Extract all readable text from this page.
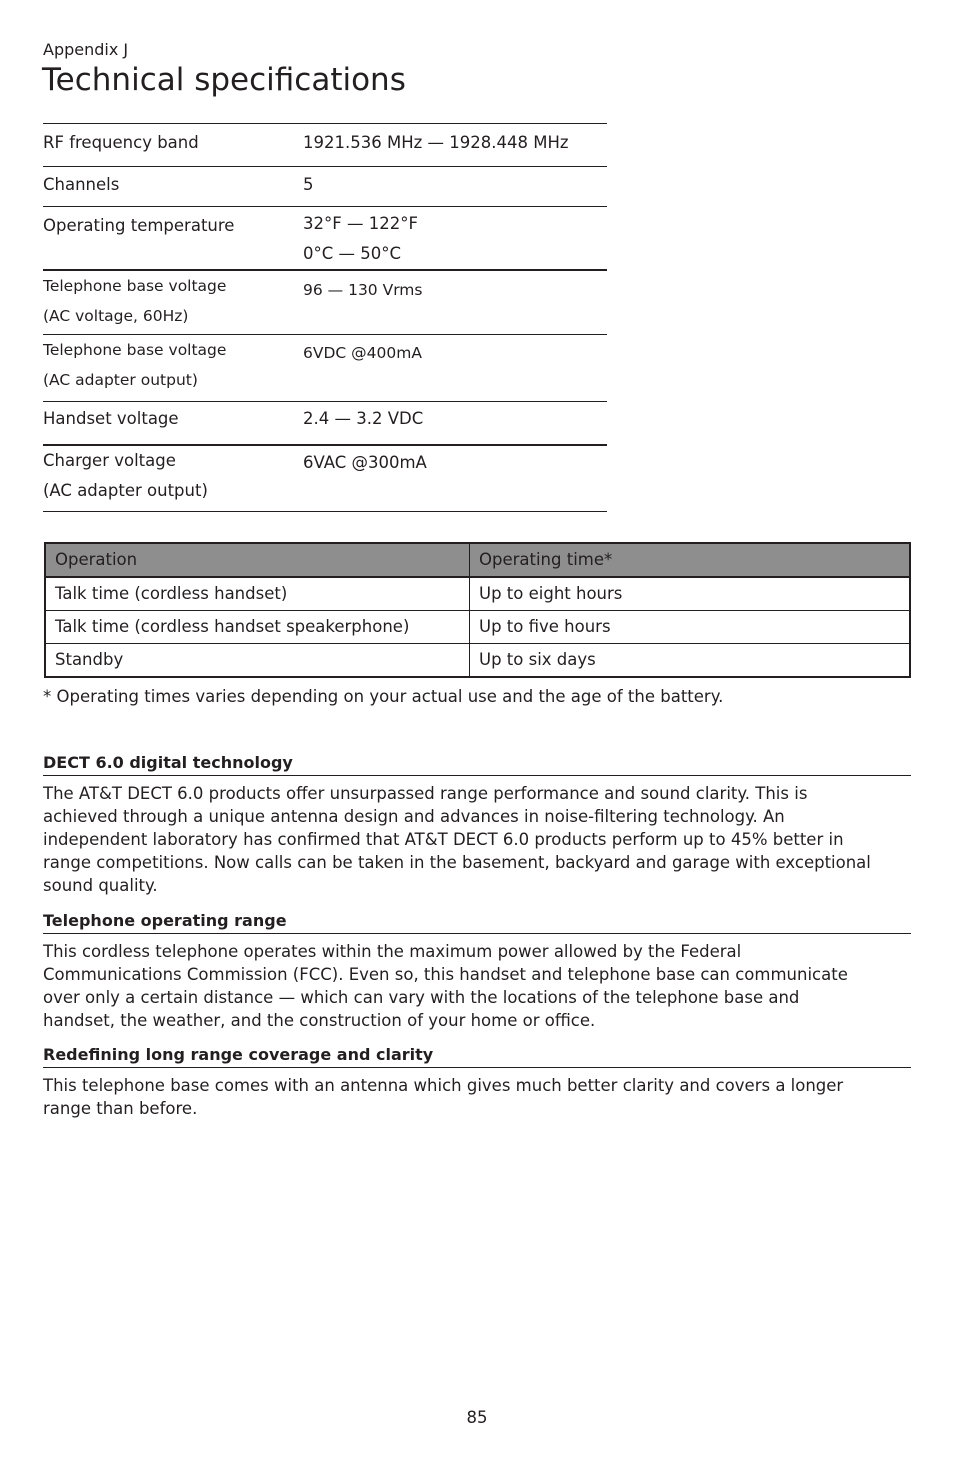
Appendix J
Technical specifications
RF frequency band	1921.536 MHz — 1928.448 MHz

Channels	5

Operating temperature	32°F — 122°F
0°C — 50°C

Telephone base voltage
(AC voltage, 60Hz)	96 — 130 Vrms

Telephone base voltage
(AC adapter output)	6VDC @400mA

Handset voltage	2.4 — 3.2 VDC

Charger voltage
(AC adapter output)	6VAC @300mA
Operation	Operating time*
Talk time (cordless handset)	Up to eight hours
Talk time (cordless handset speakerphone)	Up to five hours
Standby	Up to six days
* Operating times varies depending on your actual use and the age of the battery.
DECT 6.0 digital technology
The AT&T DECT 6.0 products offer unsurpassed range performance and sound clarity. This is
achieved through a unique antenna design and advances in noise-filtering technology. An
independent laboratory has confirmed that AT&T DECT 6.0 products perform up to 45% better in
range competitions. Now calls can be taken in the basement, backyard and garage with exceptional
sound quality.
Telephone operating range
This cordless telephone operates within the maximum power allowed by the Federal
Communications Commission (FCC). Even so, this handset and telephone base can communicate
over only a certain distance — which can vary with the locations of the telephone base and
handset, the weather, and the construction of your home or office.
Redefining long range coverage and clarity
This telephone base comes with an antenna which gives much better clarity and covers a longer
range than before.
85
